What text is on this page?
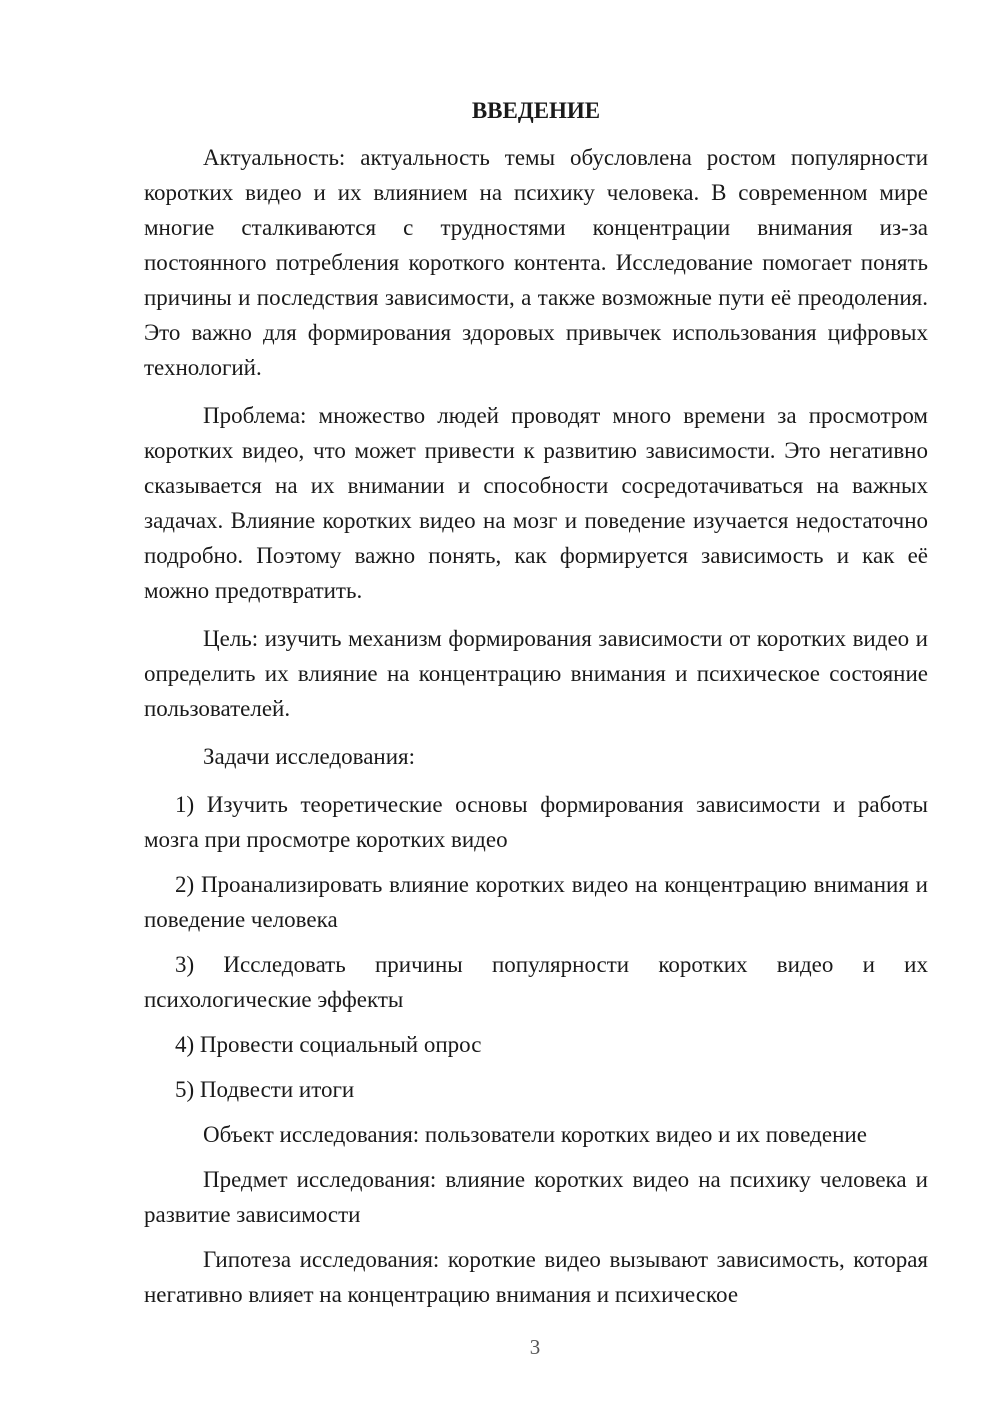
ВВЕДЕНИЕ

Актуальность: актуальность темы обусловлена ростом популярности коротких видео и их влиянием на психику человека. В современном мире многие сталкиваются с трудностями концентрации внимания из-за постоянного потребления короткого контента. Исследование помогает понять причины и последствия зависимости, а также возможные пути её преодоления. Это важно для формирования здоровых привычек использования цифровых технологий.

Проблема: множество людей проводят много времени за просмотром коротких видео, что может привести к развитию зависимости. Это негативно сказывается на их внимании и способности сосредотачиваться на важных задачах. Влияние коротких видео на мозг и поведение изучается недостаточно подробно. Поэтому важно понять, как формируется зависимость и как её можно предотвратить.

Цель: изучить механизм формирования зависимости от коротких видео и определить их влияние на концентрацию внимания и психическое состояние пользователей.

Задачи исследования:

1) Изучить теоретические основы формирования зависимости и работы мозга при просмотре коротких видео

2) Проанализировать влияние коротких видео на концентрацию внимания и поведение человека

3) Исследовать причины популярности коротких видео и их психологические эффекты

4) Провести социальный опрос

5) Подвести итоги

Объект исследования: пользователи коротких видео и их поведение

Предмет исследования: влияние коротких видео на психику человека и развитие зависимости

Гипотеза исследования: короткие видео вызывают зависимость, которая негативно влияет на концентрацию внимания и психическое

3
